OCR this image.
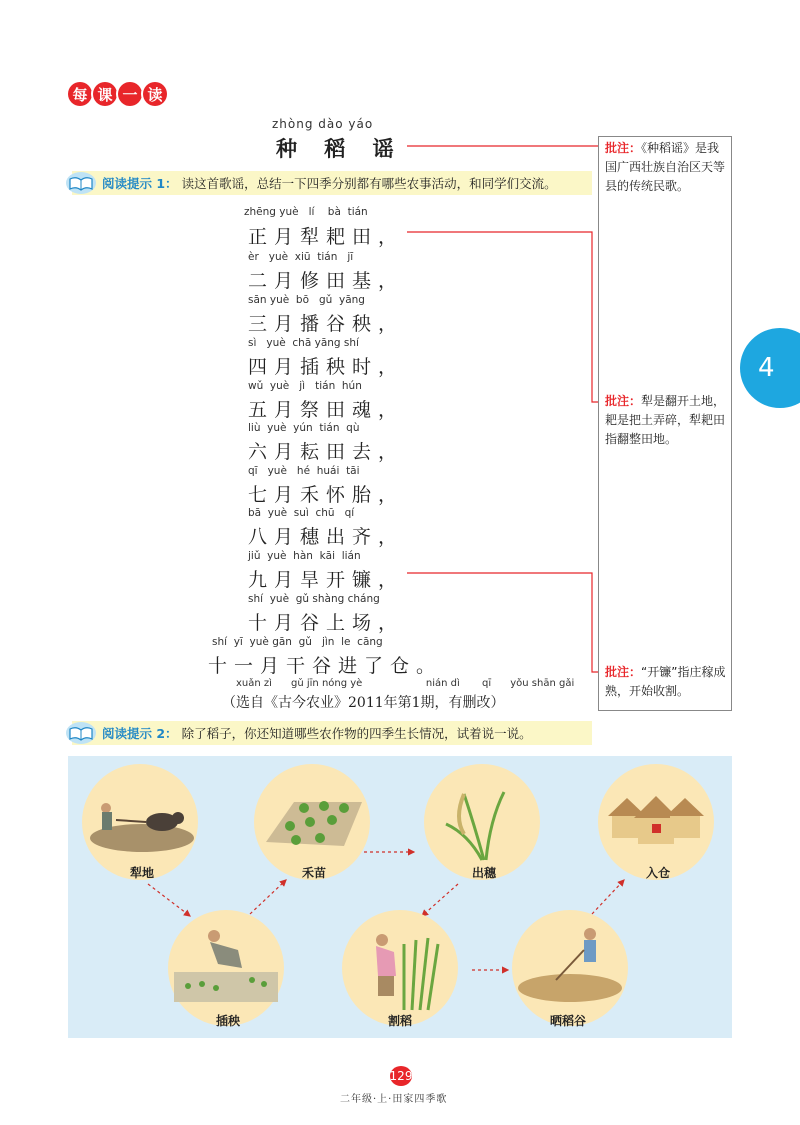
每 课 一 读
zhòng dào yáo
种 稻 谣
阅读提示 1： 读这首歌谣，总结一下四季分别都有哪些农事活动，和同学们交流。
zhēng yuè   lí    bà  tián
正月犁耙田，
èr   yuè  xiū  tián   jī
二月修田基，
sān yuè  bō   gǔ  yāng
三月播谷秧，
sì   yuè  chā yāng shí
四月插秧时，
wǔ  yuè   jì   tián  hún
五月祭田魂，
liù  yuè  yún  tián  qù
六月耘田去，
qī   yuè   hé  huái  tāi
七月禾怀胎，
bā  yuè  suì  chū   qí
八月穗出齐，
jiǔ  yuè  hàn  kāi  lián
九月旱开镰，
shí  yuè  gǔ shàng cháng
十月谷上场，
shí  yī  yuè gān  gǔ   jìn  le  cāng
十一月干谷进了仓。
xuǎn zì      gǔ jīn nóng yè                    nián dì       qī      yǒu shān gǎi
（选自《古今农业》2011年第1期，有删改）
批注：《种稻谣》是我国广西壮族自治区天等县的传统民歌。
批注：犁是翻开土地，耙是把土弄碎，犁耙田指翻整田地。
批注：“开镰”指庄稼成熟，开始收割。
4
阅读提示 2： 除了稻子，你还知道哪些农作物的四季生长情况，试着说一说。
犁地	禾苗	出穗	入仓
插秧	割稻	晒稻谷
129
二年级·上·田家四季歌
